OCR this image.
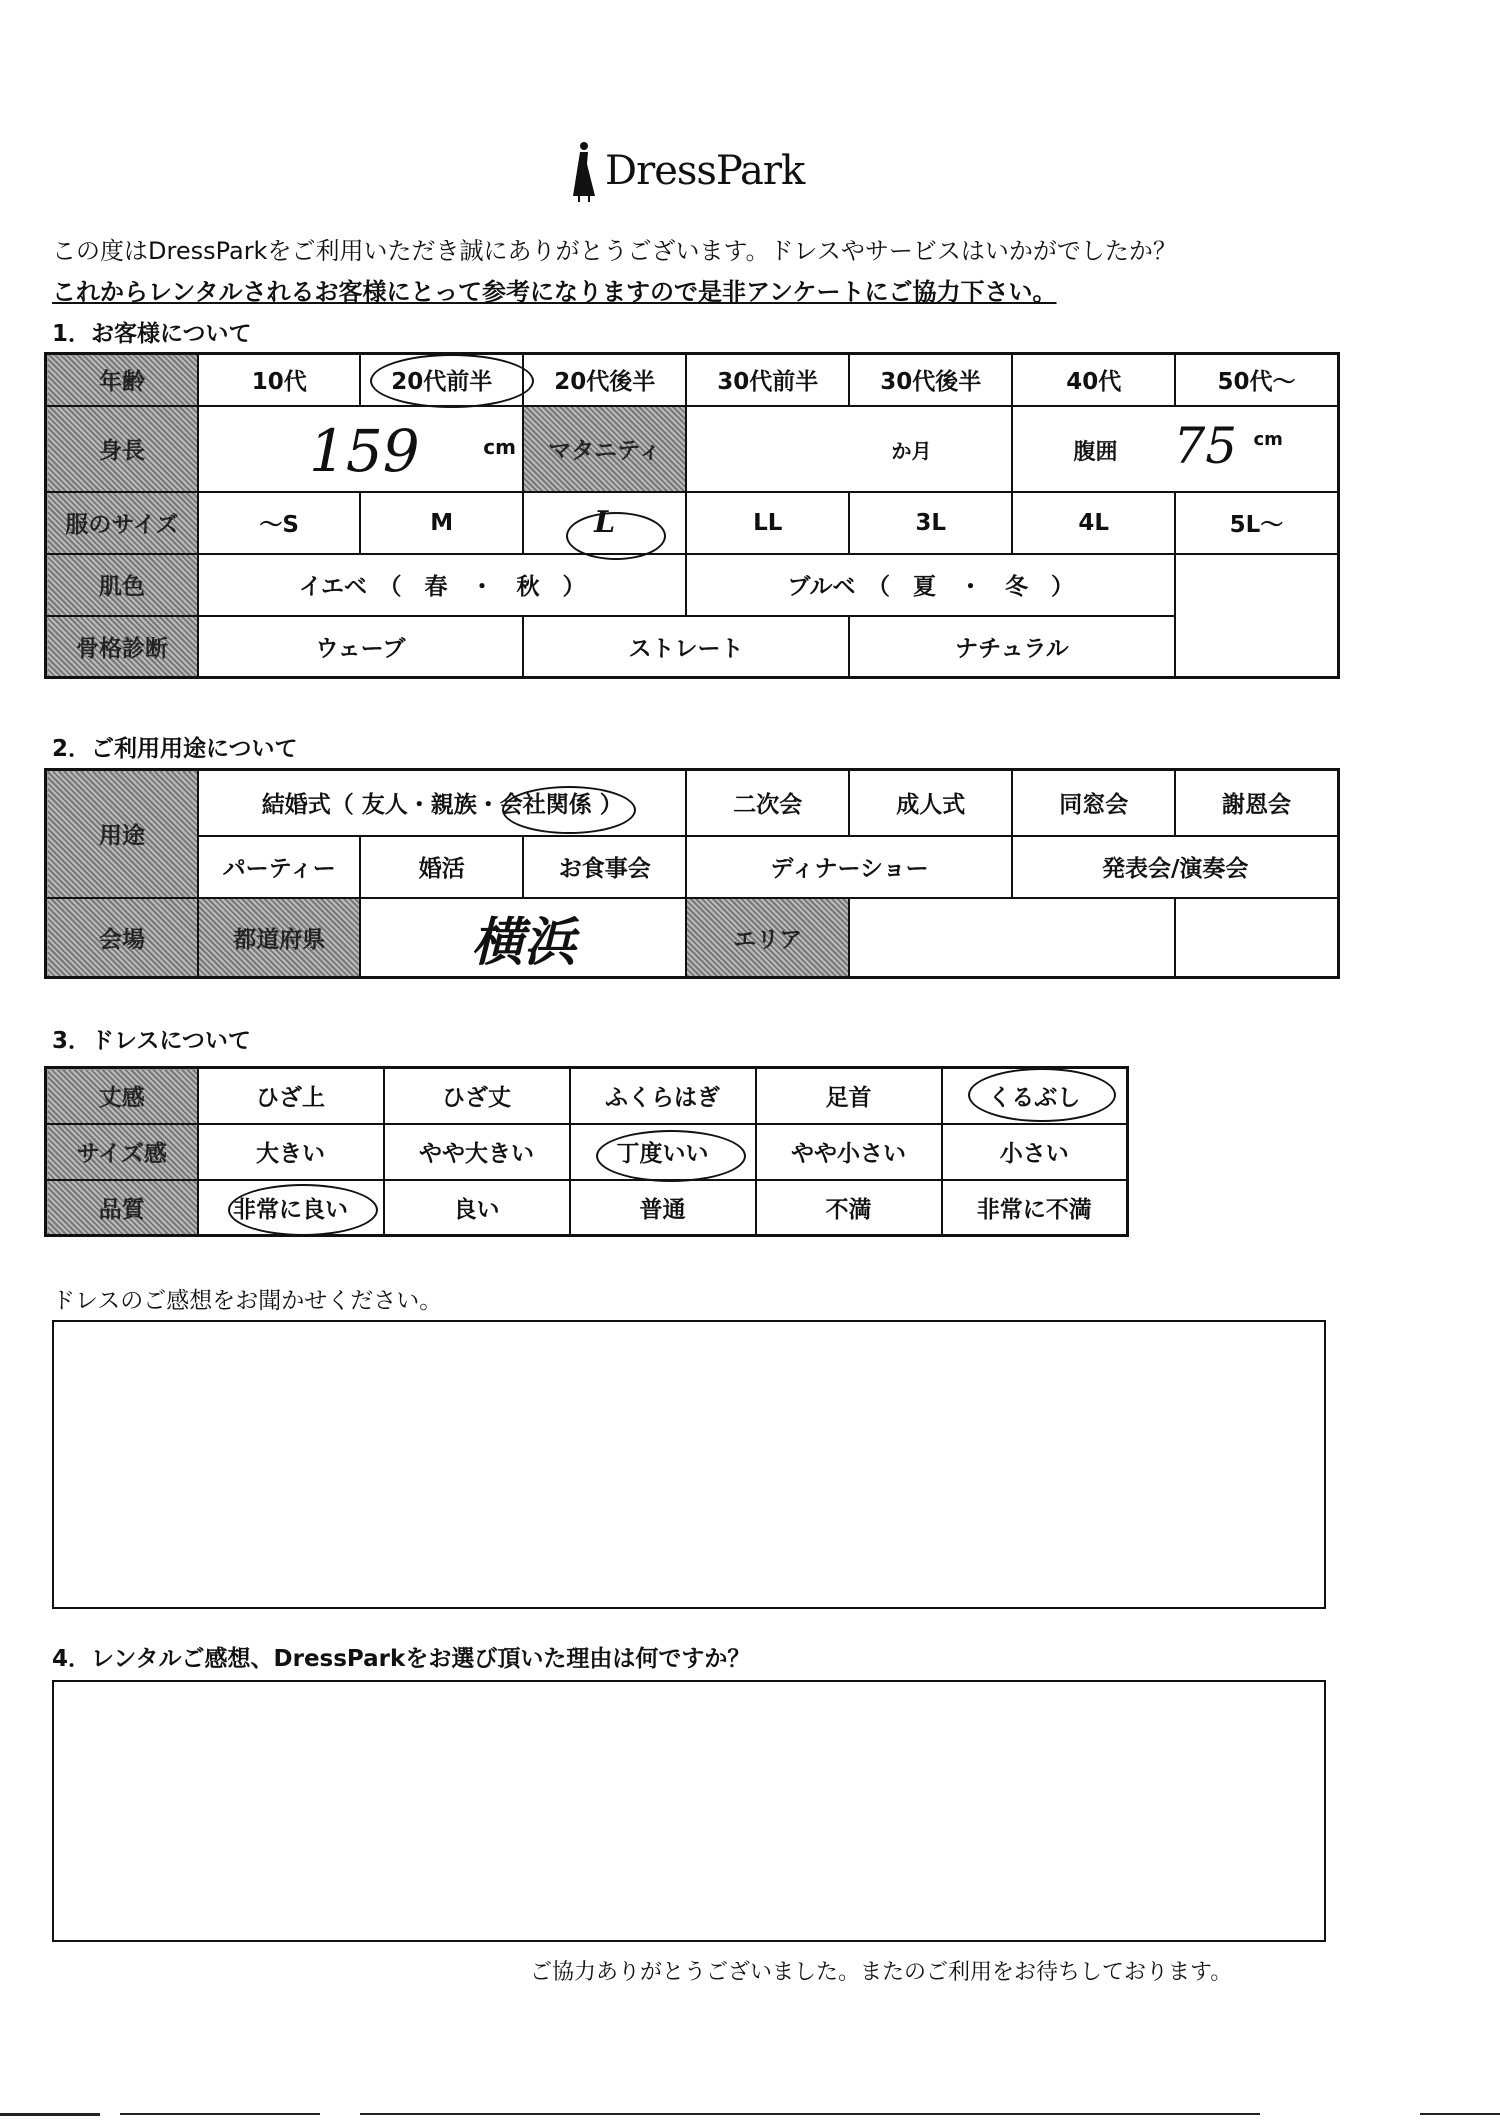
DressPark
この度はDressParkをご利用いただき誠にありがとうございます。ドレスやサービスはいかがでしたか？
これからレンタルされるお客様にとって参考になりますので是非アンケートにご協力下さい。
1．お客様について
年齢	10代	20代前半	20代後半	30代前半	30代後半	40代	50代～
身長	159 cm		マタニティ	か月		腹囲 75 cm	

服のサイズ	～S	M	L	LL	3L	4L	5L～
肌色	イエベ　（　春　・　秋　）			ブルベ　（　夏　・　冬　）			
骨格診断	ウェーブ		ストレート		ナチュラル		
2．ご利用用途について
用途	結婚式（ 友人・親族・会社関係 ）			二次会	成人式	同窓会	謝恩会
	パーティー	婚活	お食事会	ディナーショー		発表会/演奏会	
会場	都道府県	横浜		エリア			
3．ドレスについて
丈感	ひざ上	ひざ丈	ふくらはぎ	足首	くるぶし
サイズ感	大きい	やや大きい	丁度いい	やや小さい	小さい
品質	非常に良い	良い	普通	不満	非常に不満
ドレスのご感想をお聞かせください。
4．レンタルご感想、DressParkをお選び頂いた理由は何ですか？
ご協力ありがとうございました。またのご利用をお待ちしております。
